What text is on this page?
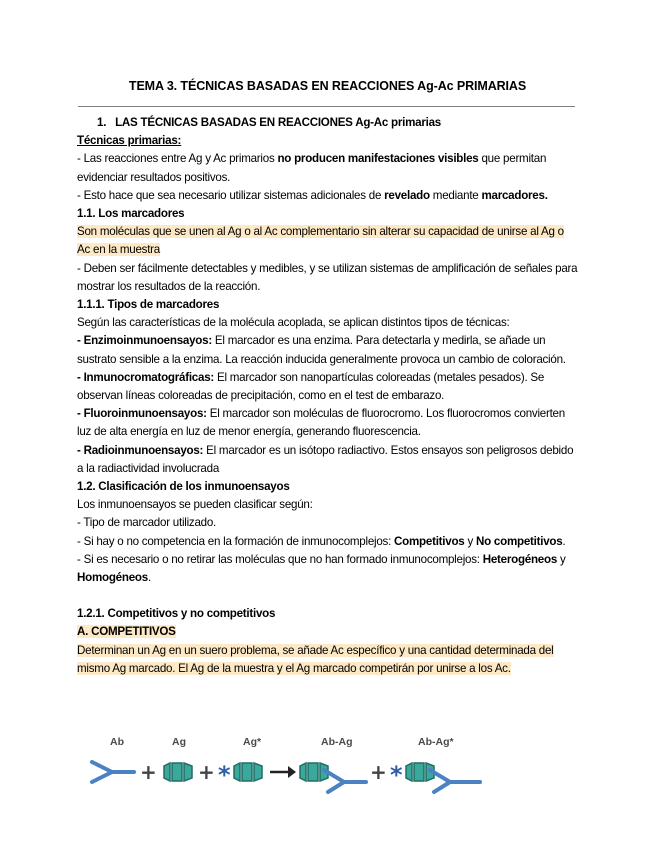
TEMA 3. TÉCNICAS BASADAS EN REACCIONES Ag-Ac PRIMARIAS

1. LAS TÉCNICAS BASADAS EN REACCIONES Ag-Ac primarias

Técnicas primarias:

- Las reacciones entre Ag y Ac primarios no producen manifestaciones visibles que permitan evidenciar resultados positivos.

- Esto hace que sea necesario utilizar sistemas adicionales de revelado mediante marcadores.

1.1. Los marcadores

Son moléculas que se unen al Ag o al Ac complementario sin alterar su capacidad de unirse al Ag o Ac en la muestra

- Deben ser fácilmente detectables y medibles, y se utilizan sistemas de amplificación de señales para mostrar los resultados de la reacción.

1.1.1. Tipos de marcadores

Según las características de la molécula acoplada, se aplican distintos tipos de técnicas:

- Enzimoinmunoensayos: El marcador es una enzima. Para detectarla y medirla, se añade un sustrato sensible a la enzima. La reacción inducida generalmente provoca un cambio de coloración.

- Inmunocromatográficas: El marcador son nanopartículas coloreadas (metales pesados). Se observan líneas coloreadas de precipitación, como en el test de embarazo.

- Fluoroinmunoensayos: El marcador son moléculas de fluorocromo. Los fluorocromos convierten luz de alta energía en luz de menor energía, generando fluorescencia.

- Radioinmunoensayos: El marcador es un isótopo radiactivo. Estos ensayos son peligrosos debido a la radiactividad involucrada

1.2. Clasificación de los inmunoensayos

Los inmunoensayos se pueden clasificar según:

- Tipo de marcador utilizado.

- Si hay o no competencia en la formación de inmunocomplejos: Competitivos y No competitivos.

- Si es necesario o no retirar las moléculas que no han formado inmunocomplejos: Heterogéneos y Homogéneos.

1.2.1. Competitivos y no competitivos

A. COMPETITIVOS

Determinan un Ag en un suero problema, se añade Ac específico y una cantidad determinada del mismo Ag marcado. El Ag de la muestra y el Ag marcado competirán por unirse a los Ac.

Ab	Ag	Ag*	Ab-Ag	Ab-Ag*
+ + *	+ *
